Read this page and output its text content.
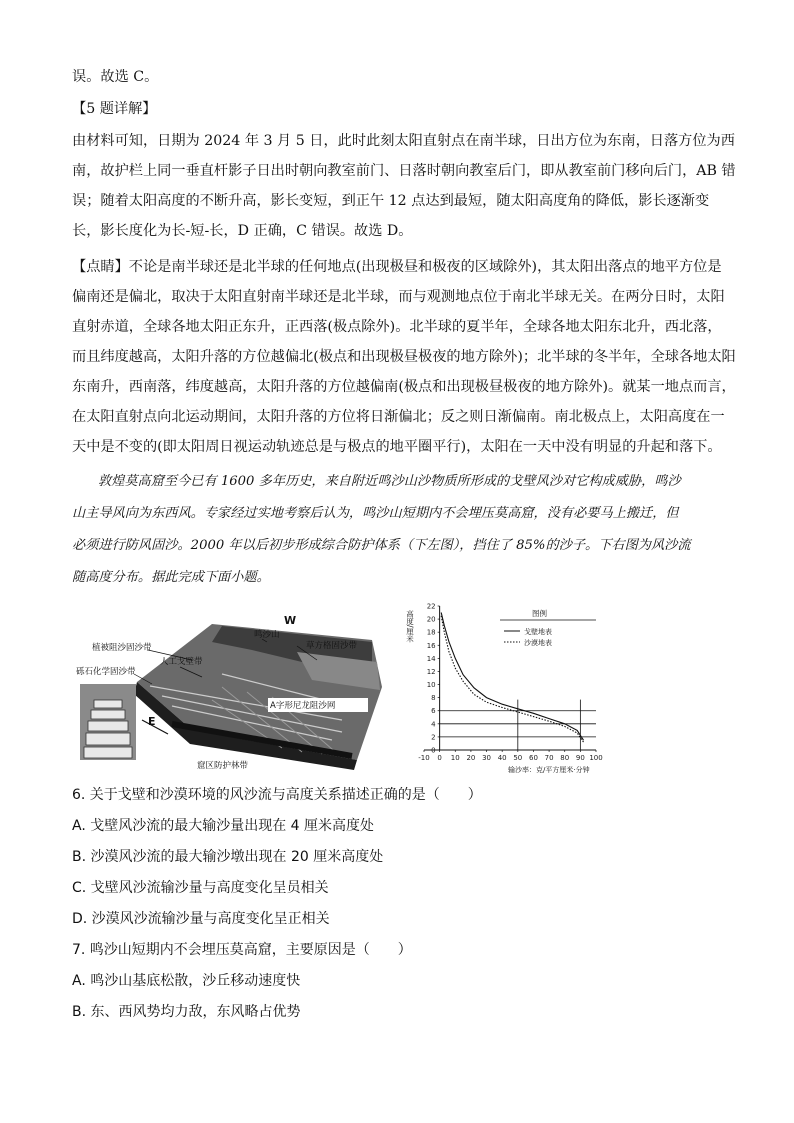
误。故选 C。
【5 题详解】
由材料可知，日期为 2024 年 3 月 5 日，此时此刻太阳直射点在南半球，日出方位为东南，日落方位为西
南，故护栏上同一垂直杆影子日出时朝向教室前门、日落时朝向教室后门，即从教室前门移向后门，AB 错
误；随着太阳高度的不断升高，影长变短，到正午 12 点达到最短，随太阳高度角的降低，影长逐渐变
长，影长度化为长-短-长，D 正确，C 错误。故选 D。
【点睛】不论是南半球还是北半球的任何地点(出现极昼和极夜的区域除外)，其太阳出落点的地平方位是
偏南还是偏北，取决于太阳直射南半球还是北半球，而与观测地点位于南北半球无关。在两分日时，太阳
直射赤道，全球各地太阳正东升，正西落(极点除外)。北半球的夏半年，全球各地太阳东北升，西北落，
而且纬度越高，太阳升落的方位越偏北(极点和出现极昼极夜的地方除外)；北半球的冬半年，全球各地太阳
东南升，西南落，纬度越高，太阳升落的方位越偏南(极点和出现极昼极夜的地方除外)。就某一地点而言，
在太阳直射点向北运动期间，太阳升落的方位将日渐偏北；反之则日渐偏南。南北极点上，太阳高度在一
天中是不变的(即太阳周日视运动轨迹总是与极点的地平圈平行)，太阳在一天中没有明显的升起和落下。
敦煌莫高窟至今已有 1600 多年历史，来自附近鸣沙山沙物质所形成的戈壁风沙对它构成威胁，鸣沙
山主导风向为东西风。专家经过实地考察后认为，鸣沙山短期内不会埋压莫高窟，没有必要马上搬迁，但
必须进行防风固沙。2000 年以后初步形成综合防护体系（下左图），挡住了 85%的沙子。下右图为风沙流
随高度分布。据此完成下面小题。
W
鸣沙山
草方格固沙带
植被阻沙固沙带
人工戈壁带
砾石化学固沙带
A字形尼龙阻沙网
E
窟区防护林带
0
2
4
6
8
10
12
14
16
18
20
22
-10 0 10 20 30 40 50 60 70 80 90 100
高度/厘米
输沙率：克/平方厘米·分钟
图例
戈壁地表
沙漠地表
6. 关于戈壁和沙漠环境的风沙流与高度关系描述正确的是（　　）
A. 戈壁风沙流的最大输沙量出现在 4 厘米高度处
B. 沙漠风沙流的最大输沙墩出现在 20 厘米高度处
C. 戈壁风沙流输沙量与高度变化呈员相关
D. 沙漠风沙流输沙量与高度变化呈正相关
7. 鸣沙山短期内不会埋压莫高窟，主要原因是（　　）
A. 鸣沙山基底松散，沙丘移动速度快
B. 东、西风势均力敌，东风略占优势
